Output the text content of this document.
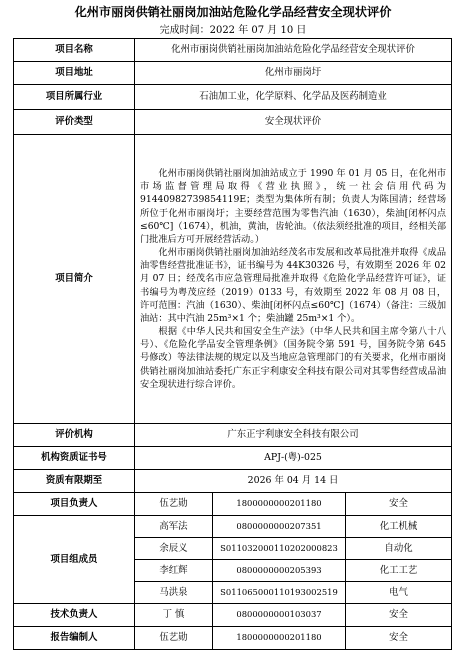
化州市丽岗供销社丽岗加油站危险化学品经营安全现状评价
完成时间：2022 年 07 月 10 日
项目名称	化州市丽岗供销社丽岗加油站危险化学品经营安全现状评价		
项目地址	化州市丽岗圩		
项目所属行业	石油加工业，化学原料、化学品及医药制造业		
评价类型	安全现状评价		
项目简介	化州市丽岗供销社丽岗加油站成立于 1990 年 01 月 05 日，在化州市市场监督管理局取得《营业执照》，统一社会信用代码为 91440982739854119E；类型为集体所有制；负责人为陈国清；经营场所位于化州市丽岗圩；主要经营范围为零售汽油（1630），柴油[闭杯闪点≤60℃]（1674），机油，黄油，齿轮油。（依法须经批准的项目，经相关部门批准后方可开展经营活动。）

化州市丽岗供销社丽岗加油站经茂名市发展和改革局批准并取得《成品油零售经营批准证书》，证书编号为 44K30326 号，有效期至 2026 年 02 月 07 日；经茂名市应急管理局批准并取得《危险化学品经营许可证》，证书编号为粤茂应经（2019）0133 号，有效期至 2022 年 08 月 08 日，许可范围：汽油（1630）、柴油[闭杯闪点≤60℃]（1674）（备注：三级加油站：其中汽油 25m³×1 个；柴油罐 25m³×1 个）。

根据《中华人民共和国安全生产法》（中华人民共和国主席令第八十八号）、《危险化学品安全管理条例》（国务院令第 591 号，国务院令第 645 号修改）等法律法规的规定以及当地应急管理部门的有关要求，化州市丽岗供销社丽岗加油站委托广东正宇利康安全科技有限公司对其零售经营成品油安全现状进行综合评价。		

评价机构	广东正宇利康安全科技有限公司		
机构资质证书号	APJ-(粤)-025		
资质有限期至	2026 年 04 月 14 日		
项目负责人	伍艺勋	1800000000201180	安全
项目组成员	高军法	0800000000207351	化工机械
	余辰义	S011032000110202000823	自动化
	李红辉	0800000000205393	化工工艺
	马洪泉	S011065000110193002519	电气
技术负责人	丁 慎	0800000000103037	安全
报告编制人	伍艺勋	1800000000201180	安全
